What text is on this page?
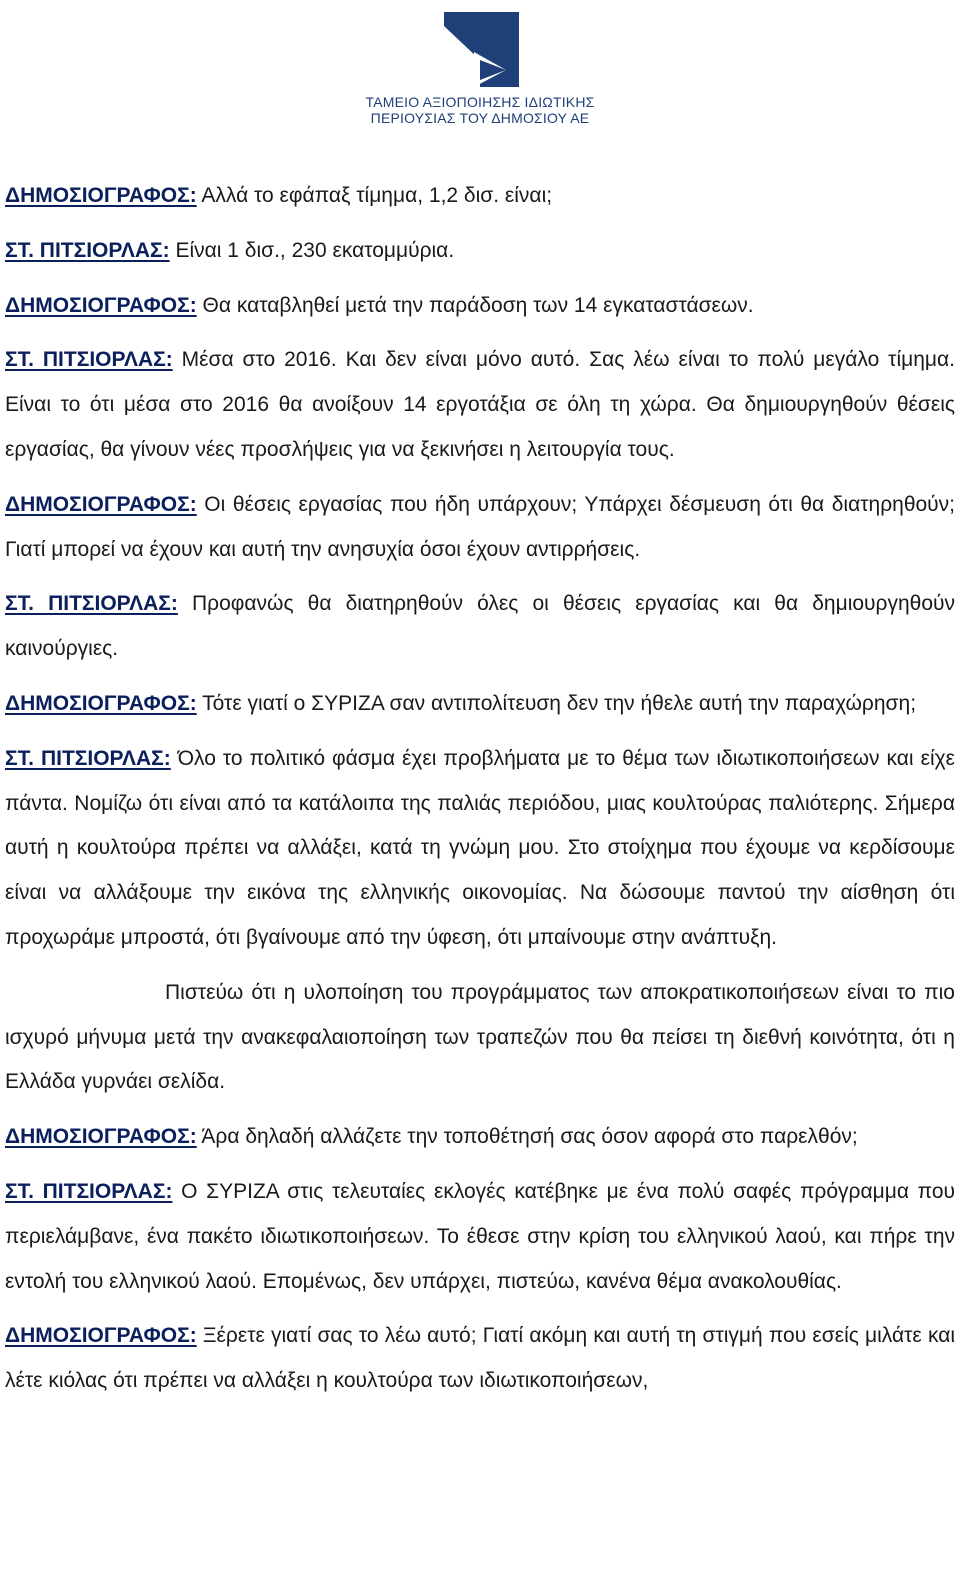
ΤΑΜΕΙΟ ΑΞΙΟΠΟΙΗΣΗΣ ΙΔΙΩΤΙΚΗΣ
ΠΕΡΙΟΥΣΙΑΣ ΤΟΥ ΔΗΜΟΣΙΟΥ ΑΕ

ΔΗΜΟΣΙΟΓΡΑΦΟΣ: Αλλά το εφάπαξ τίμημα, 1,2 δισ. είναι;

ΣΤ. ΠΙΤΣΙΟΡΛΑΣ: Είναι 1 δισ., 230 εκατομμύρια.

ΔΗΜΟΣΙΟΓΡΑΦΟΣ: Θα καταβληθεί μετά την παράδοση των 14 εγκαταστάσεων.

ΣΤ. ΠΙΤΣΙΟΡΛΑΣ: Μέσα στο 2016. Και δεν είναι μόνο αυτό. Σας λέω είναι το πολύ μεγάλο τίμημα. Είναι το ότι μέσα στο 2016 θα ανοίξουν 14 εργοτάξια σε όλη τη χώρα. Θα δημιουργηθούν θέσεις εργασίας, θα γίνουν νέες προσλήψεις για να ξεκινήσει η λειτουργία τους.

ΔΗΜΟΣΙΟΓΡΑΦΟΣ: Οι θέσεις εργασίας που ήδη υπάρχουν; Υπάρχει δέσμευση ότι θα διατηρηθούν; Γιατί μπορεί να έχουν και αυτή την ανησυχία όσοι έχουν αντιρρήσεις.

ΣΤ. ΠΙΤΣΙΟΡΛΑΣ: Προφανώς θα διατηρηθούν όλες οι θέσεις εργασίας και θα δημιουργηθούν καινούργιες.

ΔΗΜΟΣΙΟΓΡΑΦΟΣ: Τότε γιατί ο ΣΥΡΙΖΑ σαν αντιπολίτευση δεν την ήθελε αυτή την παραχώρηση;

ΣΤ. ΠΙΤΣΙΟΡΛΑΣ: Όλο το πολιτικό φάσμα έχει προβλήματα με το θέμα των ιδιωτικοποιήσεων και είχε πάντα. Νομίζω ότι είναι από τα κατάλοιπα της παλιάς περιόδου, μιας κουλτούρας παλιότερης. Σήμερα αυτή η κουλτούρα πρέπει να αλλάξει, κατά τη γνώμη μου. Στο στοίχημα που έχουμε να κερδίσουμε είναι να αλλάξουμε την εικόνα της ελληνικής οικονομίας. Να δώσουμε παντού την αίσθηση ότι προχωράμε μπροστά, ότι βγαίνουμε από την ύφεση, ότι μπαίνουμε στην ανάπτυξη.

Πιστεύω ότι η υλοποίηση του προγράμματος των αποκρατικοποιήσεων είναι το πιο ισχυρό μήνυμα μετά την ανακεφαλαιοποίηση των τραπεζών που θα πείσει τη διεθνή κοινότητα, ότι η Ελλάδα γυρνάει σελίδα.

ΔΗΜΟΣΙΟΓΡΑΦΟΣ: Άρα δηλαδή αλλάζετε την τοποθέτησή σας όσον αφορά στο παρελθόν;

ΣΤ. ΠΙΤΣΙΟΡΛΑΣ: Ο ΣΥΡΙΖΑ στις τελευταίες εκλογές κατέβηκε με ένα πολύ σαφές πρόγραμμα που περιελάμβανε, ένα πακέτο ιδιωτικοποιήσεων. Το έθεσε στην κρίση του ελληνικού λαού, και πήρε την εντολή του ελληνικού λαού. Επομένως, δεν υπάρχει, πιστεύω, κανένα θέμα ανακολουθίας.

ΔΗΜΟΣΙΟΓΡΑΦΟΣ: Ξέρετε γιατί σας το λέω αυτό; Γιατί ακόμη και αυτή τη στιγμή που εσείς μιλάτε και λέτε κιόλας ότι πρέπει να αλλάξει η κουλτούρα των ιδιωτικοποιήσεων,
